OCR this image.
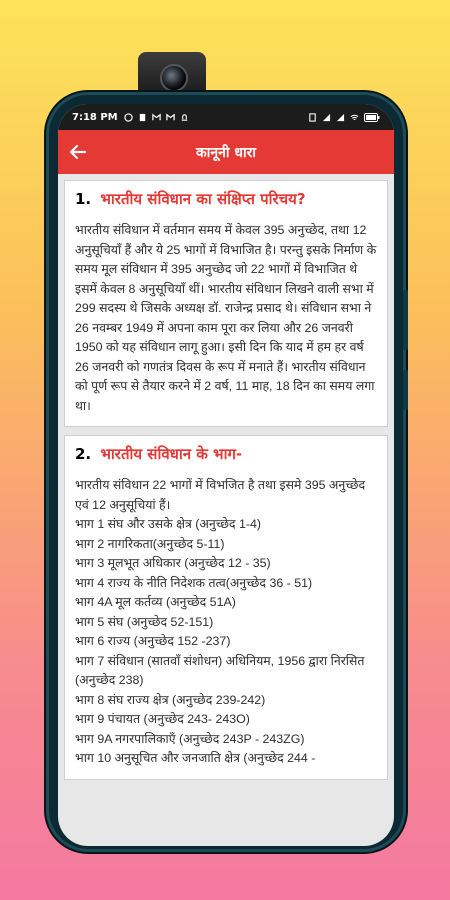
7:18 PM
कानूनी धारा
1. भारतीय संविधान का संक्षिप्त परिचय?
भारतीय संविधान में वर्तमान समय में केवल 395 अनुच्छेद, तथा 12 अनुसूचियाँ हैं और ये 25 भागों में विभाजित है। परन्तु इसके निर्माण के समय मूल संविधान में 395 अनुच्छेद जो 22 भागों में विभाजित थे इसमें केवल 8 अनुसूचियाँ थीं। भारतीय संविधान लिखने वाली सभा में 299 सदस्य थे जिसके अध्यक्ष डॉ. राजेन्द्र प्रसाद थे। संविधान सभा ने 26 नवम्बर 1949 में अपना काम पूरा कर लिया और 26 जनवरी 1950 को यह संविधान लागू हुआ। इसी दिन कि याद में हम हर वर्ष 26 जनवरी को गणतंत्र दिवस के रूप में मनाते हैं। भारतीय संविधान को पूर्ण रूप से तैयार करने में 2 वर्ष, 11 माह, 18 दिन का समय लगा था।
2. भारतीय संविधान के भाग-
भारतीय संविधान 22 भागों में विभजित है तथा इसमे 395 अनुच्छेद एवं 12 अनुसूचियां हैं।
भाग 1 संघ और उसके क्षेत्र (अनुच्छेद 1-4)
भाग 2 नागरिकता(अनुच्छेद 5-11)
भाग 3 मूलभूत अधिकार (अनुच्छेद 12 - 35)
भाग 4 राज्य के नीति निदेशक तत्व(अनुच्छेद 36 - 51)
भाग 4A मूल कर्तव्य (अनुच्छेद 51A)
भाग 5 संघ (अनुच्छेद 52-151)
भाग 6 राज्य (अनुच्छेद 152 -237)
भाग 7 संविधान (सातवाँ संशोधन) अधिनियम, 1956 द्वारा निरसित (अनुच्छेद 238)
भाग 8 संघ राज्य क्षेत्र (अनुच्छेद 239-242)
भाग 9 पंचायत (अनुच्छेद 243- 243O)
भाग 9A नगरपालिकाएँ (अनुच्छेद 243P - 243ZG)
भाग 10 अनुसूचित और जनजाति क्षेत्र (अनुच्छेद 244 -
